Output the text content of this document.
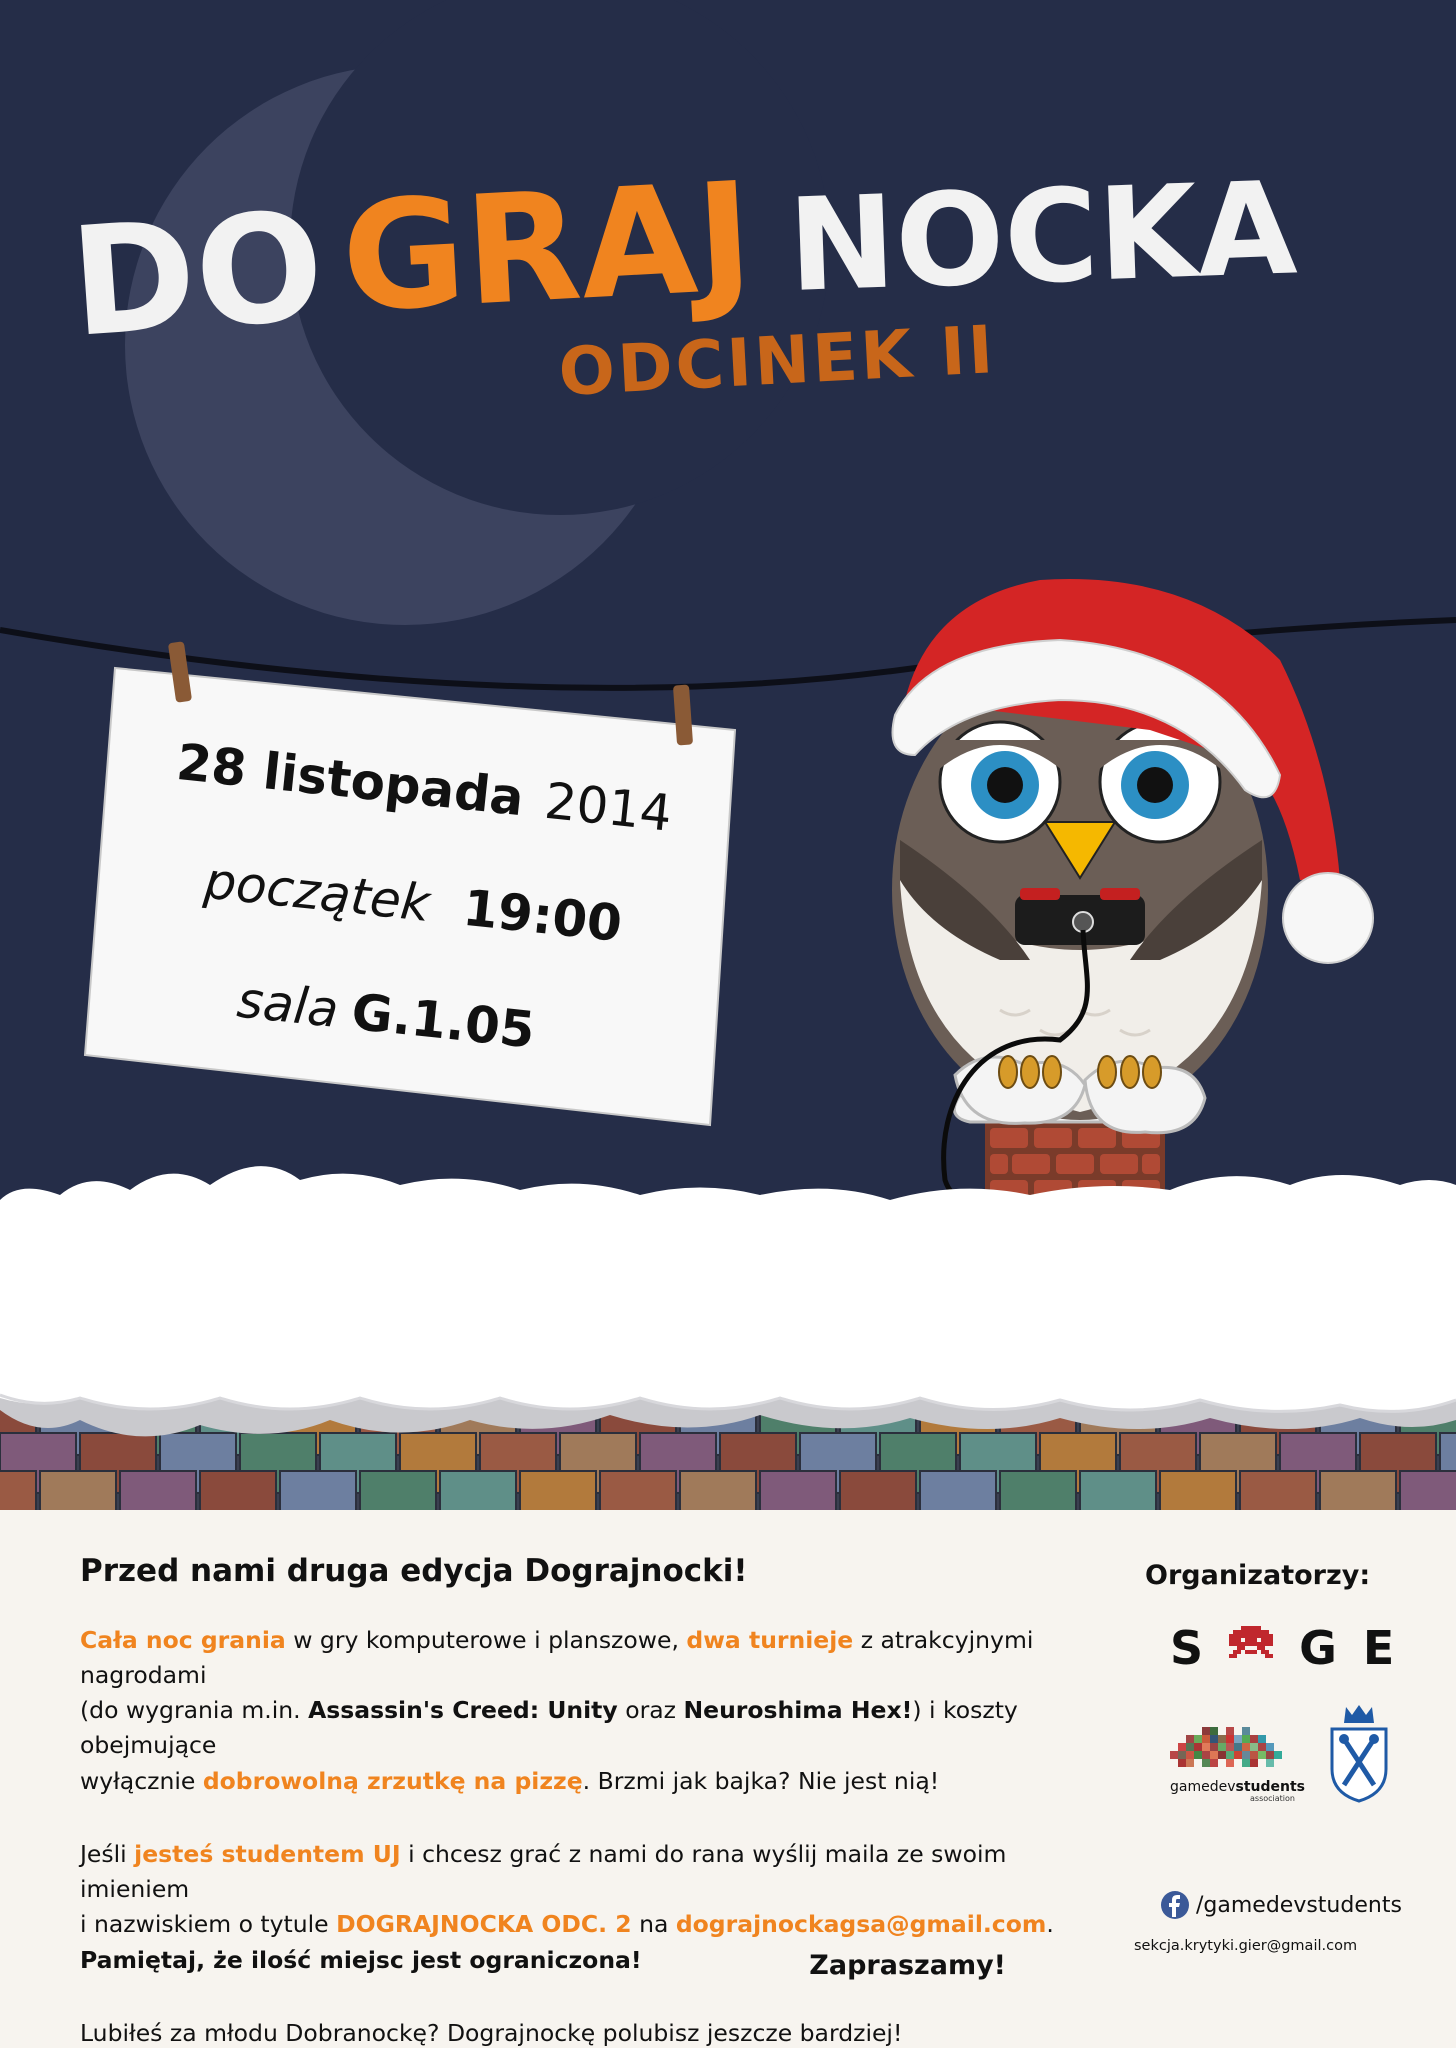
DO GRAJ NOCKA
ODCINEK II
28 listopada 2014
początek 19:00
sala G.1.05
Przed nami druga edycja Dograjnocki!

Cała noc grania w gry komputerowe i planszowe, dwa turnieje z atrakcyjnymi nagrodami
(do wygrania m.in. Assassin's Creed: Unity oraz Neuroshima Hex!) i koszty obejmujące
wyłącznie dobrowolną zrzutkę na pizzę. Brzmi jak bajka? Nie jest nią!

Jeśli jesteś studentem UJ i chcesz grać z nami do rana wyślij maila ze swoim imieniem
i nazwiskiem o tytule DOGRAJNOCKA ODC. 2 na dograjnockagsa@gmail.com.
Pamiętaj, że ilość miejsc jest ograniczona!

Lubiłeś za młodu Dobranockę? Dograjnockę polubisz jeszcze bardziej!

Zapraszamy!
Organizatorzy:
S G E
gamedevstudents
association
/gamedevstudents
sekcja.krytyki.gier@gmail.com
